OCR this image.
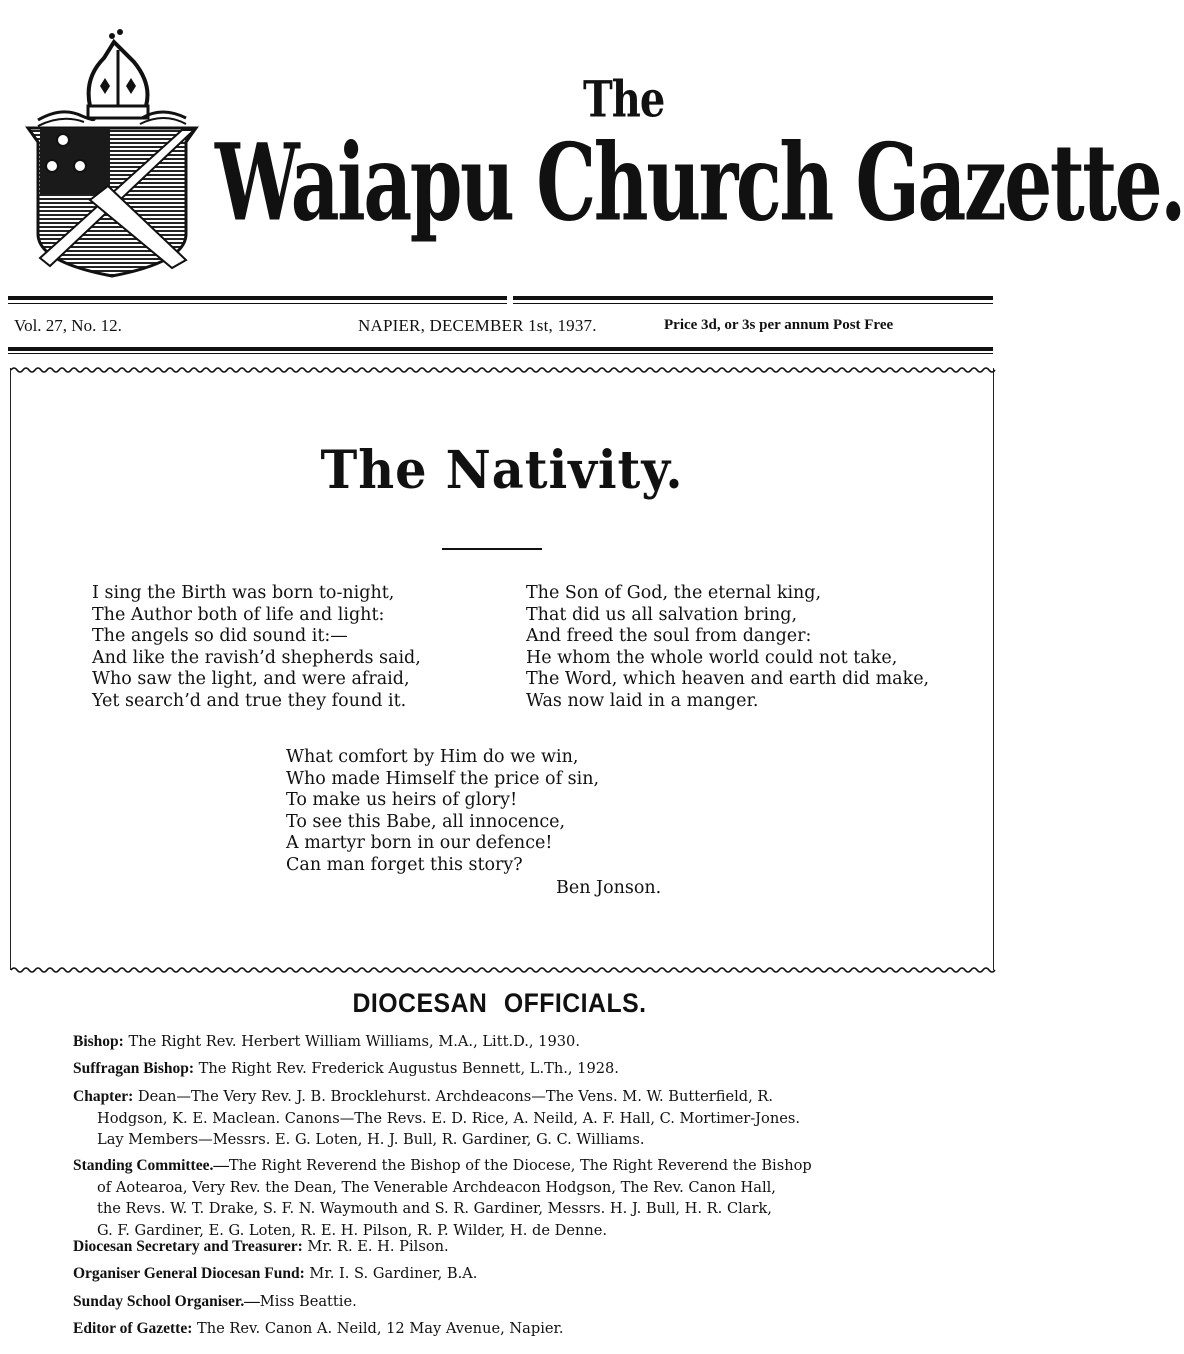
The
Waiapu Church Gazette.
Vol. 27, No. 12.	NAPIER, DECEMBER 1st, 1937.	Price 3d, or 3s per annum Post Free
The Nativity.
I sing the Birth was born to-night,
The Author both of life and light:
The angels so did sound it:—
And like the ravish’d shepherds said,
Who saw the light, and were afraid,
Yet search’d and true they found it.
The Son of God, the eternal king,
That did us all salvation bring,
And freed the soul from danger:
He whom the whole world could not take,
The Word, which heaven and earth did make,
Was now laid in a manger.
What comfort by Him do we win,
Who made Himself the price of sin,
To make us heirs of glory!
To see this Babe, all innocence,
A martyr born in our defence!
Can man forget this story?
Ben Jonson.
DIOCESAN OFFICIALS.
Bishop: The Right Rev. Herbert William Williams, M.A., Litt.D., 1930.
Suffragan Bishop: The Right Rev. Frederick Augustus Bennett, L.Th., 1928.
Chapter: Dean—The Very Rev. J. B. Brocklehurst. Archdeacons—The Vens. M. W. Butterfield, R.
Hodgson, K. E. Maclean. Canons—The Revs. E. D. Rice, A. Neild, A. F. Hall, C. Mortimer-Jones.
Lay Members—Messrs. E. G. Loten, H. J. Bull, R. Gardiner, G. C. Williams.
Standing Committee.—The Right Reverend the Bishop of the Diocese, The Right Reverend the Bishop
of Aotearoa, Very Rev. the Dean, The Venerable Archdeacon Hodgson, The Rev. Canon Hall,
the Revs. W. T. Drake, S. F. N. Waymouth and S. R. Gardiner, Messrs. H. J. Bull, H. R. Clark,
G. F. Gardiner, E. G. Loten, R. E. H. Pilson, R. P. Wilder, H. de Denne.
Diocesan Secretary and Treasurer: Mr. R. E. H. Pilson.
Organiser General Diocesan Fund: Mr. I. S. Gardiner, B.A.
Sunday School Organiser.—Miss Beattie.
Editor of Gazette: The Rev. Canon A. Neild, 12 May Avenue, Napier.
